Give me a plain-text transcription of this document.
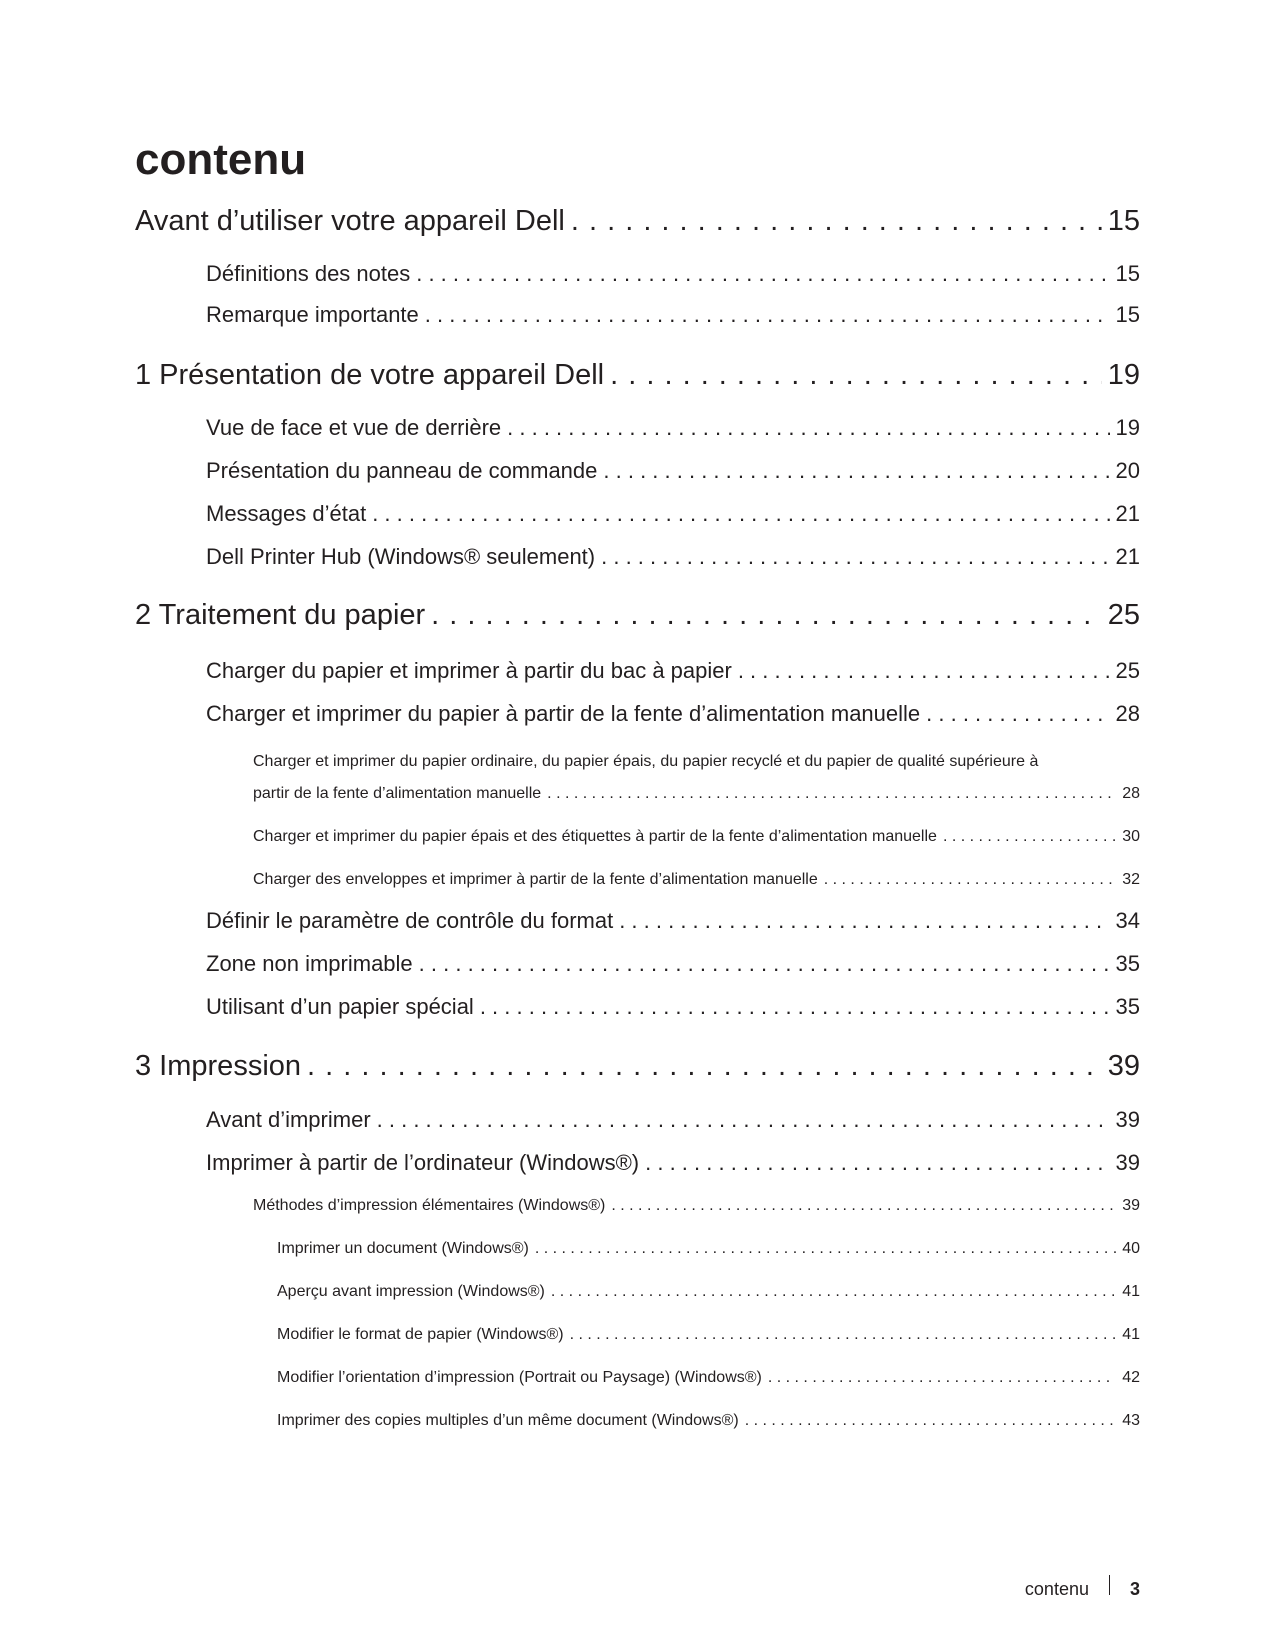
contenu
Avant d’utiliser votre appareil Dell . . .	15
Définitions des notes . . .	15
Remarque importante . . .	15
1 Présentation de votre appareil Dell . . .	19
Vue de face et vue de derrière . . .	19
Présentation du panneau de commande . . .	20
Messages d’état . . .	21
Dell Printer Hub (Windows® seulement) . . .	21
2 Traitement du papier . . .	25
Charger du papier et imprimer à partir du bac à papier . . .	25
Charger et imprimer du papier à partir de la fente d’alimentation manuelle . . .	28
Charger et imprimer du papier ordinaire, du papier épais, du papier recyclé et du papier de qualité supérieure à
partir de la fente d’alimentation manuelle . . .	28
Charger et imprimer du papier épais et des étiquettes à partir de la fente d’alimentation manuelle . . .	30
Charger des enveloppes et imprimer à partir de la fente d’alimentation manuelle . . .	32
Définir le paramètre de contrôle du format . . .	34
Zone non imprimable . . .	35
Utilisant d’un papier spécial . . .	35
3 Impression . . .	39
Avant d’imprimer . . .	39
Imprimer à partir de l’ordinateur (Windows®) . . .	39
Méthodes d’impression élémentaires (Windows®) . . .	39
Imprimer un document (Windows®) . . .	40
Aperçu avant impression (Windows®) . . .	41
Modifier le format de papier (Windows®) . . .	41
Modifier l’orientation d’impression (Portrait ou Paysage) (Windows®) . . .	42
Imprimer des copies multiples d’un même document (Windows®) . . .	43
contenu 3
